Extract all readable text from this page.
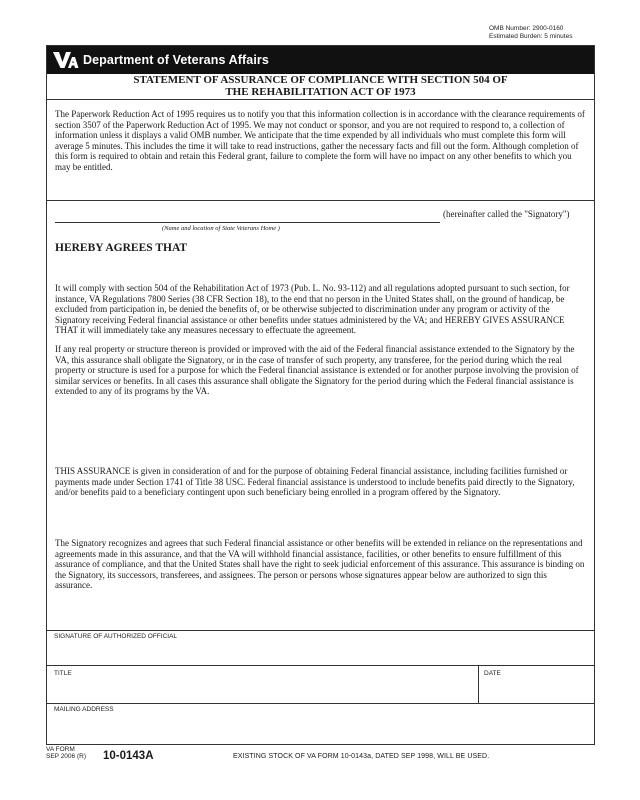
OMB Number: 2900-0160
Estimated Burden: 5 minutes
Department of Veterans Affairs
STATEMENT OF ASSURANCE OF COMPLIANCE WITH SECTION 504 OF
THE REHABILITATION ACT OF 1973

The Paperwork Reduction Act of 1995 requires us to notify you that this information collection is in accordance with the clearance requirements of section 3507 of the Paperwork Reduction Act of 1995. We may not conduct or sponsor, and you are not required to respond to, a collection of information unless it displays a valid OMB number. We anticipate that the time expended by all individuals who must complete this form will average 5 minutes. This includes the time it will take to read instructions, gather the necessary facts and fill out the form. Although completion of this form is required to obtain and retain this Federal grant, failure to complete the form will have no impact on any other benefits to which you may be entitled.

(hereinafter called the "Signatory")
(Name and location of State Veterans Home )
HEREBY AGREES THAT

It will comply with section 504 of the Rehabilitation Act of 1973 (Pub. L. No. 93-112) and all regulations adopted pursuant to such section, for instance, VA Regulations 7800 Series (38 CFR Section 18), to the end that no person in the United States shall, on the ground of handicap, be excluded from participation in, be denied the benefits of, or be otherwise subjected to discrimination under any program or activity of the Signatory receiving Federal financial assistance or other benefits under statues administered by the VA; and HEREBY GIVES ASSURANCE THAT it will immediately take any measures necessary to effectuate the agreement.

If any real property or structure thereon is provided or improved with the aid of the Federal financial assistance extended to the Signatory by the VA, this assurance shall obligate the Signatory, or in the case of transfer of such property, any transferee, for the period during which the real property or structure is used for a purpose for which the Federal financial assistance is extended or for another purpose involving the provision of similar services or benefits. In all cases this assurance shall obligate the Signatory for the period during which the Federal financial assistance is extended to any of its programs by the VA.

THIS ASSURANCE is given in consideration of and for the purpose of obtaining Federal financial assistance, including facilities furnished or payments made under Section 1741 of Title 38 USC. Federal financial assistance is understood to include benefits paid directly to the Signatory, and/or benefits paid to a beneficiary contingent upon such beneficiary being enrolled in a program offered by the Signatory.

The Signatory recognizes and agrees that such Federal financial assistance or other benefits will be extended in reliance on the representations and agreements made in this assurance, and that the VA will withhold financial assistance, facilities, or other benefits to ensure fulfillment of this assurance of compliance, and that the United States shall have the right to seek judicial enforcement of this assurance. This assurance is binding on the Signatory, its successors, transferees, and assignees. The person or persons whose signatures appear below are authorized to sign this assurance.

SIGNATURE OF AUTHORIZED OFFICIAL
TITLE	DATE
MAILING ADDRESS
VA FORM
SEP 2006 (R) 10-0143A	EXISTING STOCK OF VA FORM 10-0143a, DATED SEP 1998, WILL BE USED.
